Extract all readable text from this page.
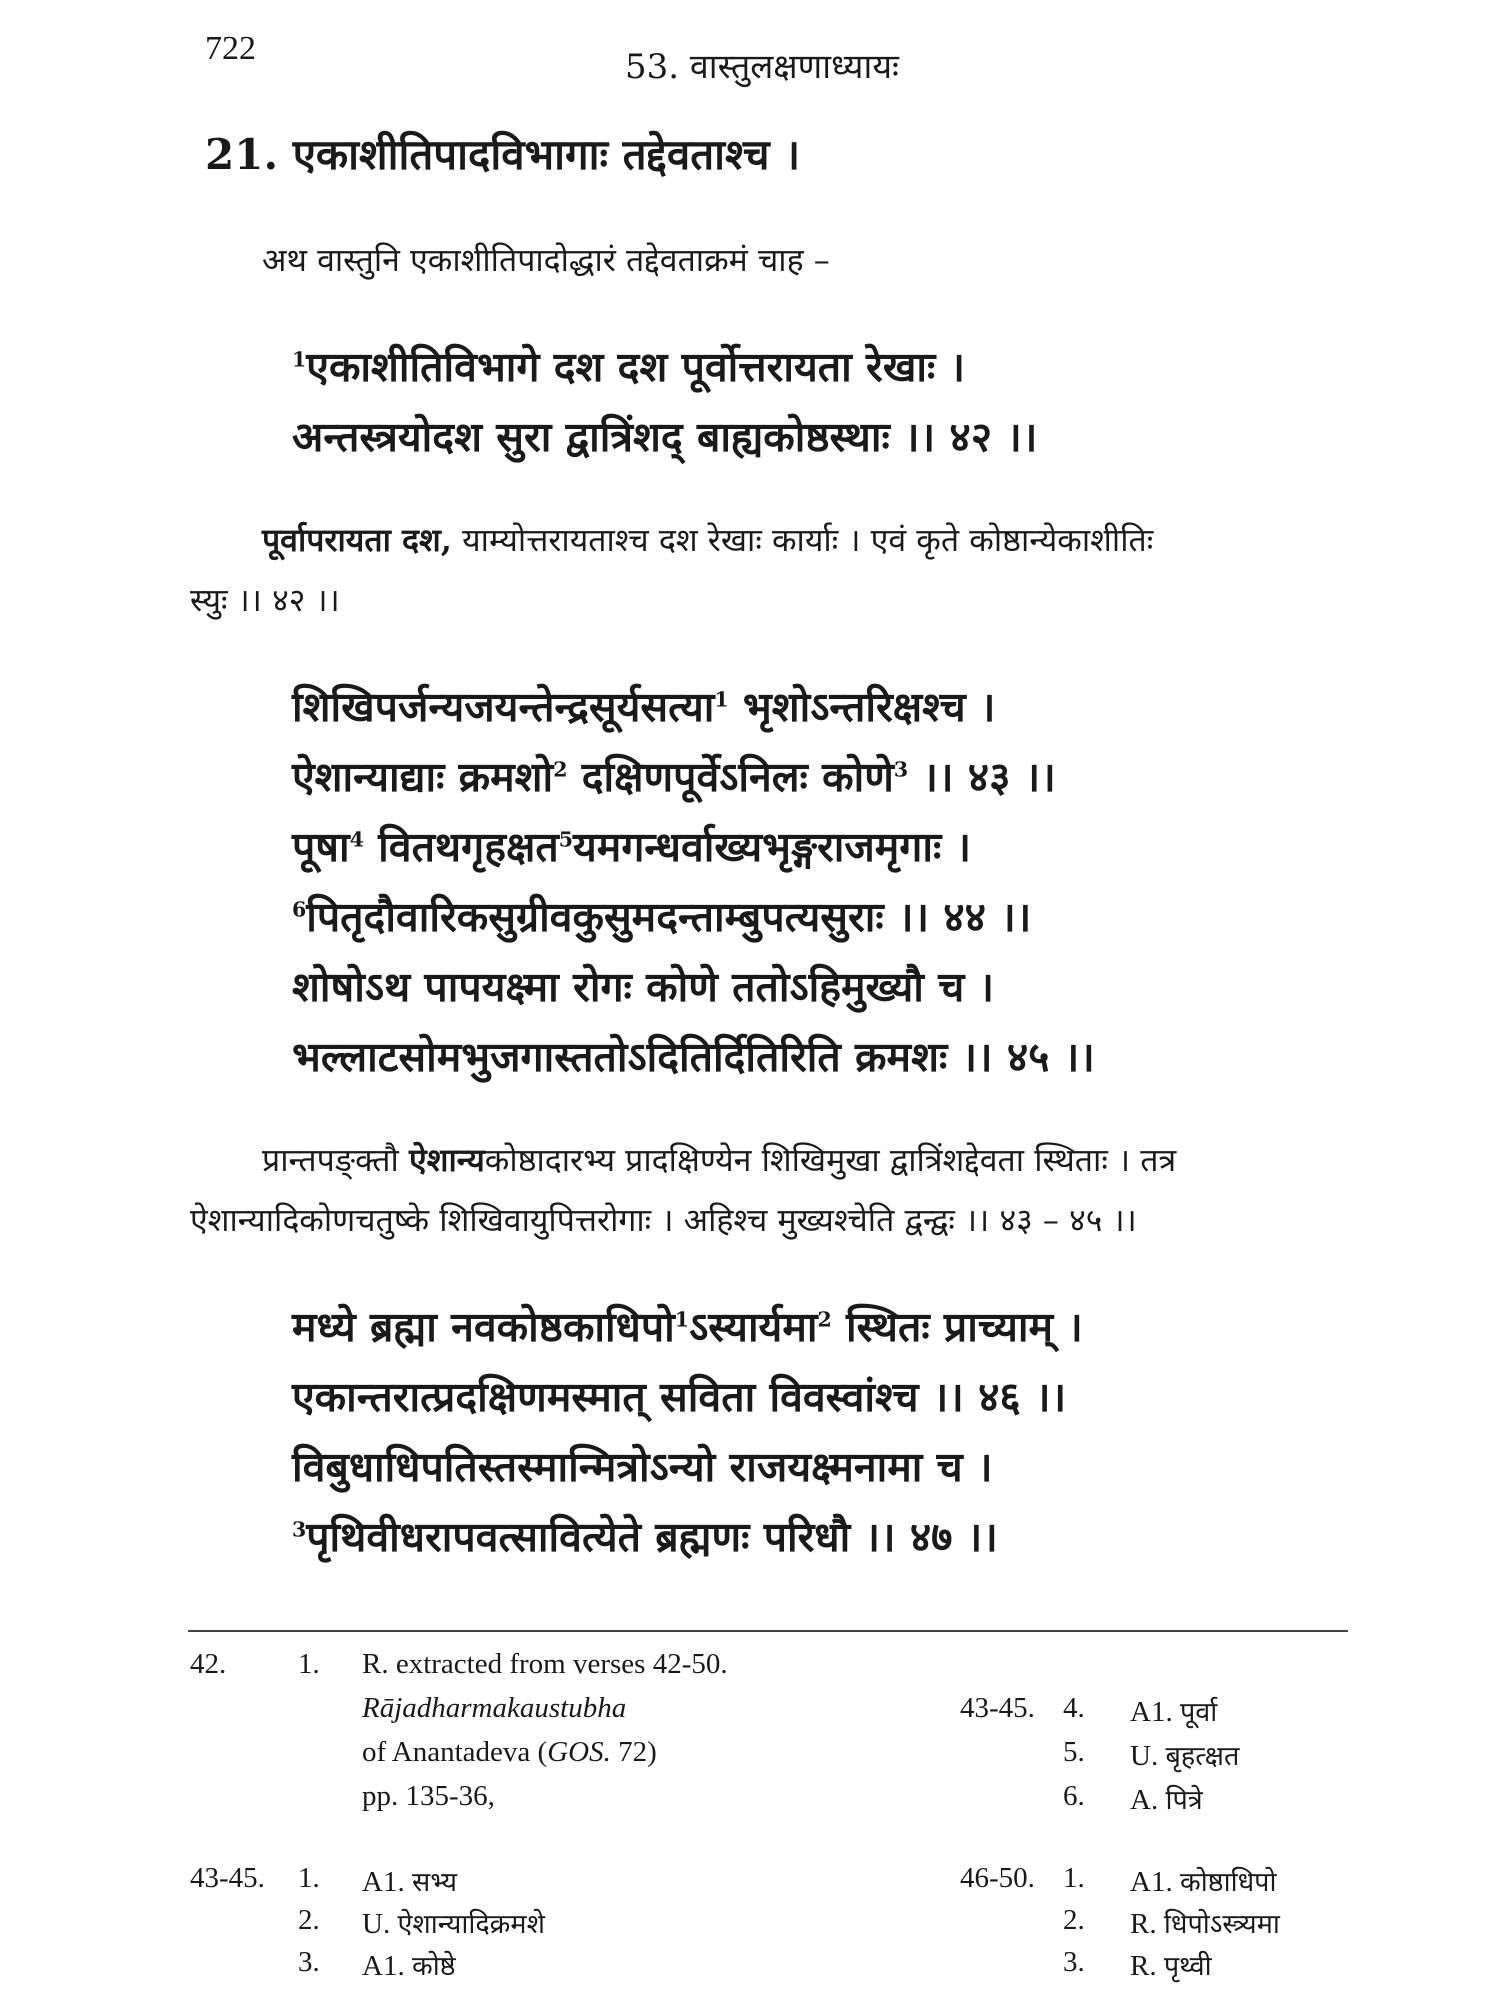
722	53. वास्तुलक्षणाध्यायः
21. एकाशीतिपादविभागाः तद्देवताश्च ।
अथ वास्तुनि एकाशीतिपादोद्धारं तद्देवताक्रमं चाह –
$^1$एकाशीतिविभागे दश दश पूर्वोत्तरायता रेखाः ।
अन्तस्त्रयोदश सुरा द्वात्रिंशद् बाह्यकोष्ठस्थाः ।। ४२ ।।
पूर्वापरायता दश, याम्योत्तरायताश्च दश रेखाः कार्याः । एवं कृते कोष्ठान्येकाशीतिः
स्युः ।। ४२ ।।
शिखिपर्जन्यजयन्तेन्द्रसूर्यसत्या$^1$ भृशोऽन्तरिक्षश्च ।
ऐशान्याद्याः क्रमशो$^2$ दक्षिणपूर्वेऽनिलः कोणे$^3$ ।। ४३ ।।
पूषा$^4$ वितथगृहक्षत$^5$यमगन्धर्वाख्यभृङ्गराजमृगाः ।
$^6$पितृदौवारिकसुग्रीवकुसुमदन्ताम्बुपत्यसुराः ।। ४४ ।।
शोषोऽथ पापयक्ष्मा रोगः कोणे ततोऽहिमुख्यौ च ।
भल्लाटसोमभुजगास्ततोऽदितिर्दितिरिति क्रमशः ।। ४५ ।।
प्रान्तपङ्क्तौ ऐशान्यकोष्ठादारभ्य प्रादक्षिण्येन शिखिमुखा द्वात्रिंशद्देवता स्थिताः । तत्र
ऐशान्यादिकोणचतुष्के शिखिवायुपित्तरोगाः । अहिश्च मुख्यश्चेति द्वन्द्वः ।। ४३ – ४५ ।।
मध्ये ब्रह्मा नवकोष्ठकाधिपो$^1$ऽस्यार्यमा$^2$ स्थितः प्राच्याम् ।
एकान्तरात्प्रदक्षिणमस्मात् सविता विवस्वांश्च ।। ४६ ।।
विबुधाधिपतिस्तस्मान्मित्रोऽन्यो राजयक्ष्मनामा च ।
$^3$पृथिवीधरापवत्सावित्येते ब्रह्मणः परिधौ ।। ४७ ।।
42. 1. R. extracted from verses 42-50.
Rājadharmakaustubha
of Anantadeva (GOS. 72)
pp. 135-36,
43-45. 4. A1. पूर्वा
5. U. बृहत्क्षत
6. A. पित्रे
43-45. 1. A1. सभ्य
2. U. ऐशान्यादिक्रमशे
3. A1. कोष्ठे
46-50. 1. A1. कोष्ठाधिपो
2. R. धिपोऽस्त्र्यमा
3. R. पृथ्वी
